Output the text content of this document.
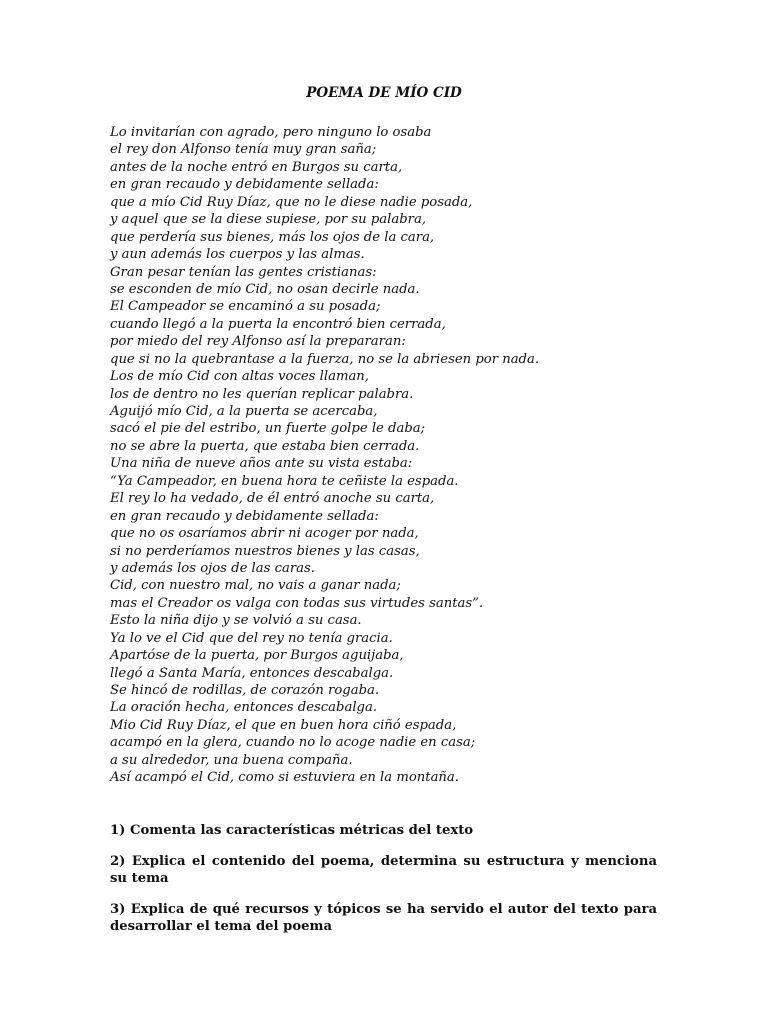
POEMA DE MÍO CID
Lo invitarían con agrado, pero ninguno lo osaba
el rey don Alfonso tenía muy gran saña;
antes de la noche entró en Burgos su carta,
en gran recaudo y debidamente sellada:
que a mío Cid Ruy Díaz, que no le diese nadie posada,
y aquel que se la diese supiese, por su palabra,
que perdería sus bienes, más los ojos de la cara,
y aun además los cuerpos y las almas.
Gran pesar tenían las gentes cristianas:
se esconden de mío Cid, no osan decirle nada.
El Campeador se encaminó a su posada;
cuando llegó a la puerta la encontró bien cerrada,
por miedo del rey Alfonso así la prepararan:
que si no la quebrantase a la fuerza, no se la abriesen por nada.
Los de mío Cid con altas voces llaman,
los de dentro no les querían replicar palabra.
Aguijó mío Cid, a la puerta se acercaba,
sacó el pie del estribo, un fuerte golpe le daba;
no se abre la puerta, que estaba bien cerrada.
Una niña de nueve años ante su vista estaba:
“Ya Campeador, en buena hora te ceñiste la espada.
El rey lo ha vedado, de él entró anoche su carta,
en gran recaudo y debidamente sellada:
que no os osaríamos abrir ni acoger por nada,
si no perderíamos nuestros bienes y las casas,
y además los ojos de las caras.
Cid, con nuestro mal, no vais a ganar nada;
mas el Creador os valga con todas sus virtudes santas”.
Esto la niña dijo y se volvió a su casa.
Ya lo ve el Cid que del rey no tenía gracia.
Apartóse de la puerta, por Burgos aguijaba,
llegó a Santa María, entonces descabalga.
Se hincó de rodillas, de corazón rogaba.
La oración hecha, entonces descabalga.
Mio Cid Ruy Díaz, el que en buen hora ciñó espada,
acampó en la glera, cuando no lo acoge nadie en casa;
a su alrededor, una buena compaña.
Así acampó el Cid, como si estuviera en la montaña.

1) Comenta las características métricas del texto

2) Explica el contenido del poema, determina su estructura y menciona su tema

3) Explica de qué recursos y tópicos se ha servido el autor del texto para desarrollar el tema del poema
